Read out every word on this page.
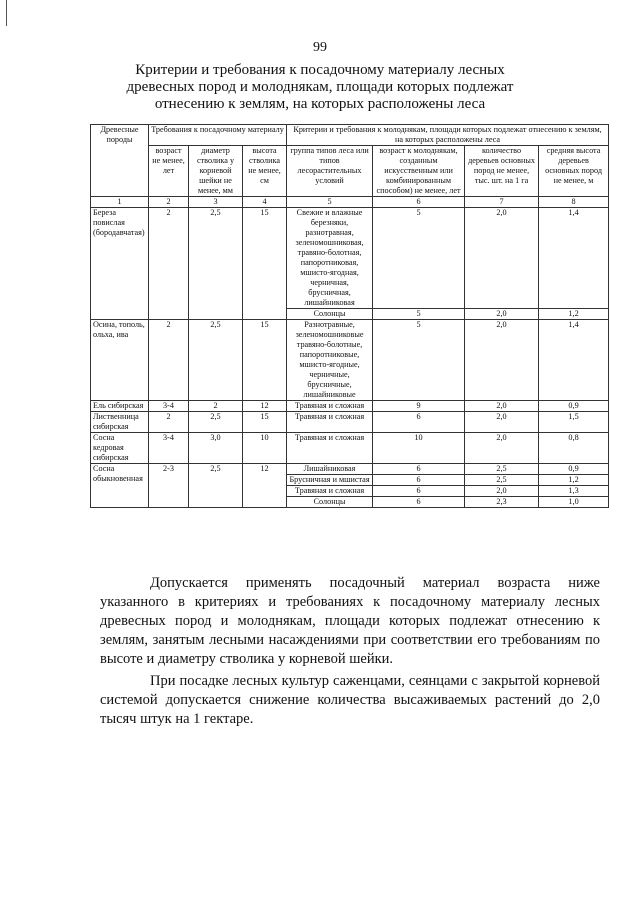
99
Критерии и требования к посадочному материалу лесных древесных пород и молоднякам, площади которых подлежат отнесению к землям, на которых расположены леса
Древесные породы	Требования к посадочному материалу			Критерии и требования к молоднякам, площади которых подлежат отнесению к землям, на которых расположены леса			
	возраст не менее, лет	диаметр стволика у корневой шейки не менее, мм	высота стволика не менее, см	группа типов леса или типов лесорастительных условий	возраст к молоднякам, созданным искусственным или комбинированным способом) не менее, лет	количество деревьев основных пород не менее, тыс. шт. на 1 га	средняя высота деревьев основных пород не менее, м
1	2	3	4	5	6	7	8
Береза повислая (бородавчатая)	2	2,5	15	Свежие и влажные березняки, разнотравная, зеленомошниковая, травяно-болотная, папоротниковая, мшисто-ягодная, черничная, брусничная, лишайниковая	5	2,0	1,4
				Солонцы	5	2,0	1,2
Осина, тополь, ольха, ива	2	2,5	15	Разнотравные, зеленомошниковые травяно-болотные, папоротниковые, мшисто-ягодные, черничные, брусничные, лишайниковые	5	2,0	1,4
Ель сибирская	3-4	2	12	Травяная и сложная	9	2,0	0,9
Лиственница сибирская	2	2,5	15	Травяная и сложная	6	2,0	1,5
Сосна кедровая сибирская	3-4	3,0	10	Травяная и сложная	10	2,0	0,8
Сосна обыкновенная	2-3	2,5	12	Лишайниковая	6	2,5	0,9
				Брусничная и мшистая	6	2,5	1,2
				Травяная и сложная	6	2,0	1,3
				Солонцы	6	2,3	1,0

Допускается применять посадочный материал возраста ниже указанного в критериях и требованиях к посадочному материалу лесных древесных пород и молоднякам, площади которых подлежат отнесению к землям, занятым лесными насаждениями при соответствии его требованиям по высоте и диаметру стволика у корневой шейки.

При посадке лесных культур саженцами, сеянцами с закрытой корневой системой допускается снижение количества высаживаемых растений до 2,0 тысяч штук на 1 гектаре.
